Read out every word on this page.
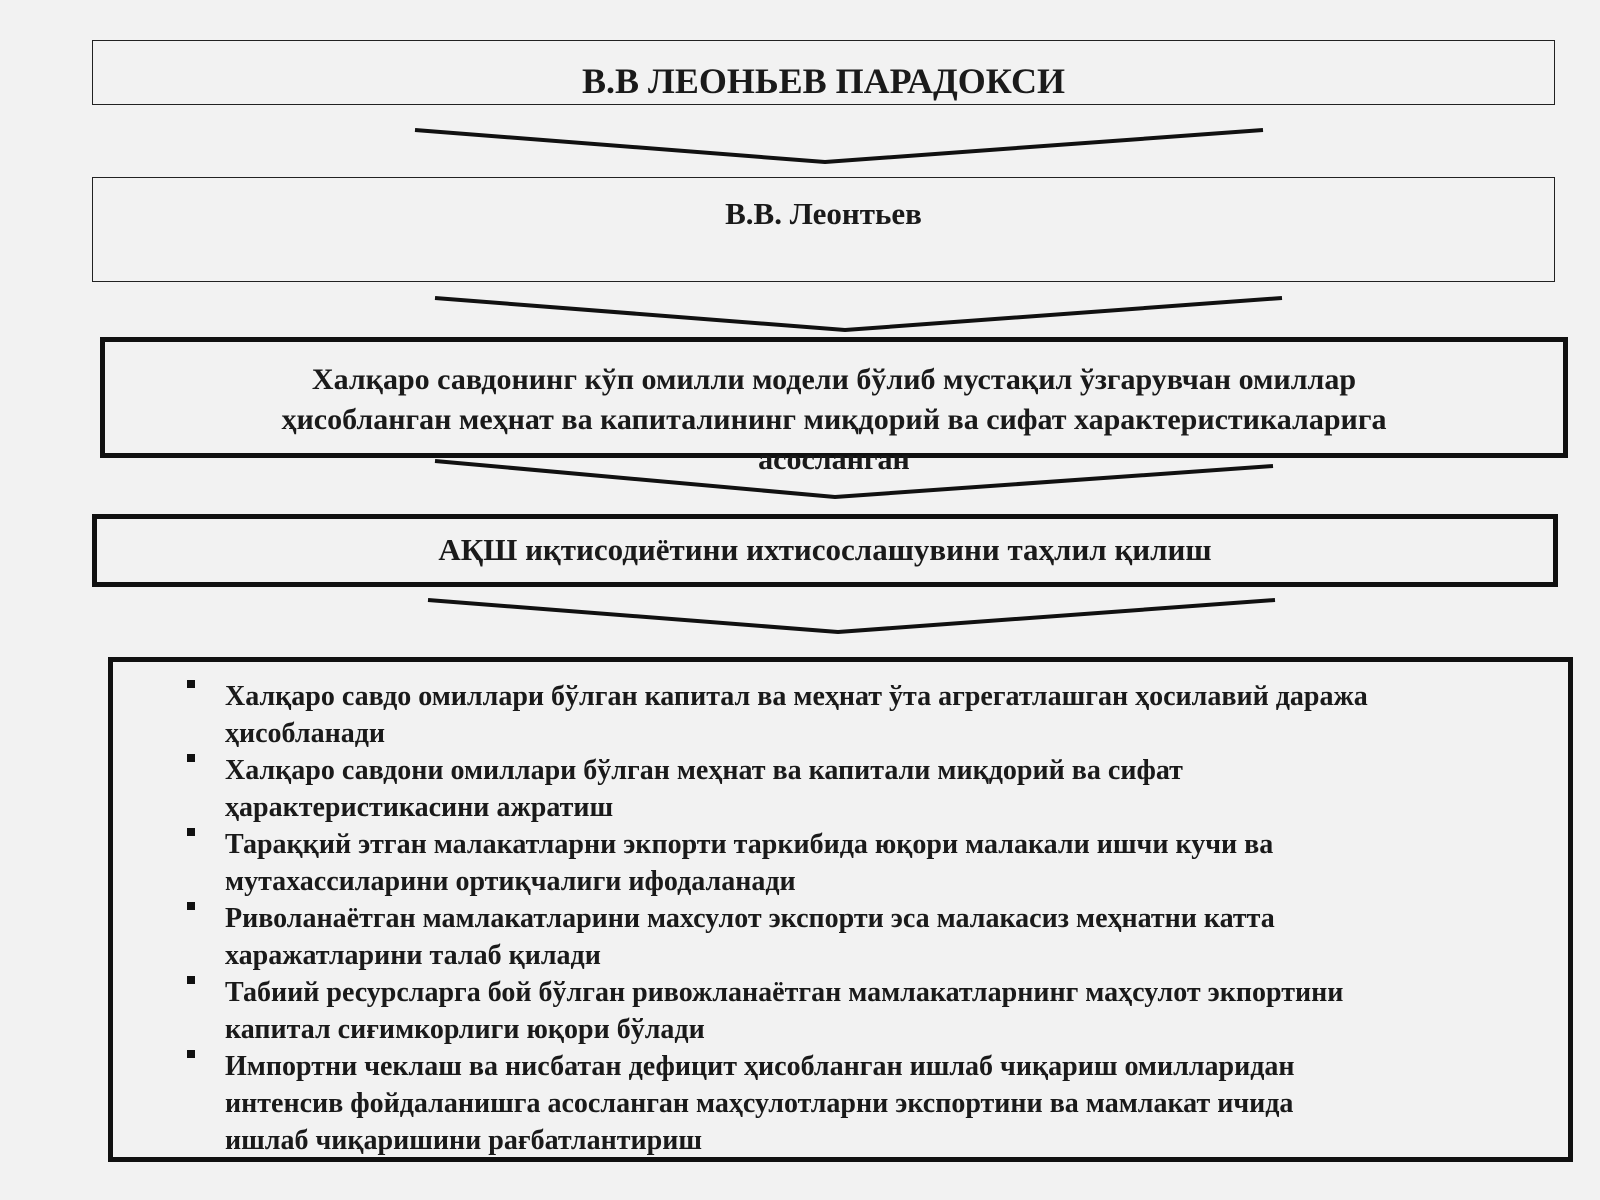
В.В ЛЕОНЬЕВ ПАРАДОКСИ
В.В. Леонтьев
Халқаро савдонинг кўп омилли модели бўлиб мустақил ўзгарувчан омиллар
ҳисобланган меҳнат ва капиталининг миқдорий ва сифат характеристикаларига
асосланган
АҚШ иқтисодиётини ихтисослашувини таҳлил қилиш
Халқаро савдо омиллари бўлган капитал ва меҳнат ўта агрегатлашган ҳосилавий даража
ҳисобланади
Халқаро савдони омиллари бўлган меҳнат ва капитали миқдорий ва сифат
ҳарактеристикасини ажратиш
Тараққий этган малакатларни экпорти таркибида юқори малакали ишчи кучи ва
мутахассиларини ортиқчалиги ифодаланади
Риволанаётган мамлакатларини махсулот экспорти эса малакасиз меҳнатни катта
харажатларини талаб қилади
Табиий ресурсларга бой бўлган ривожланаётган мамлакатларнинг маҳсулот экпортини
капитал сиғимкорлиги юқори бўлади
Импортни чеклаш ва нисбатан дефицит ҳисобланган ишлаб чиқариш омилларидан
интенсив фойдаланишга асосланган маҳсулотларни экспортини ва мамлакат ичида
ишлаб чиқаришини рағбатлантириш
